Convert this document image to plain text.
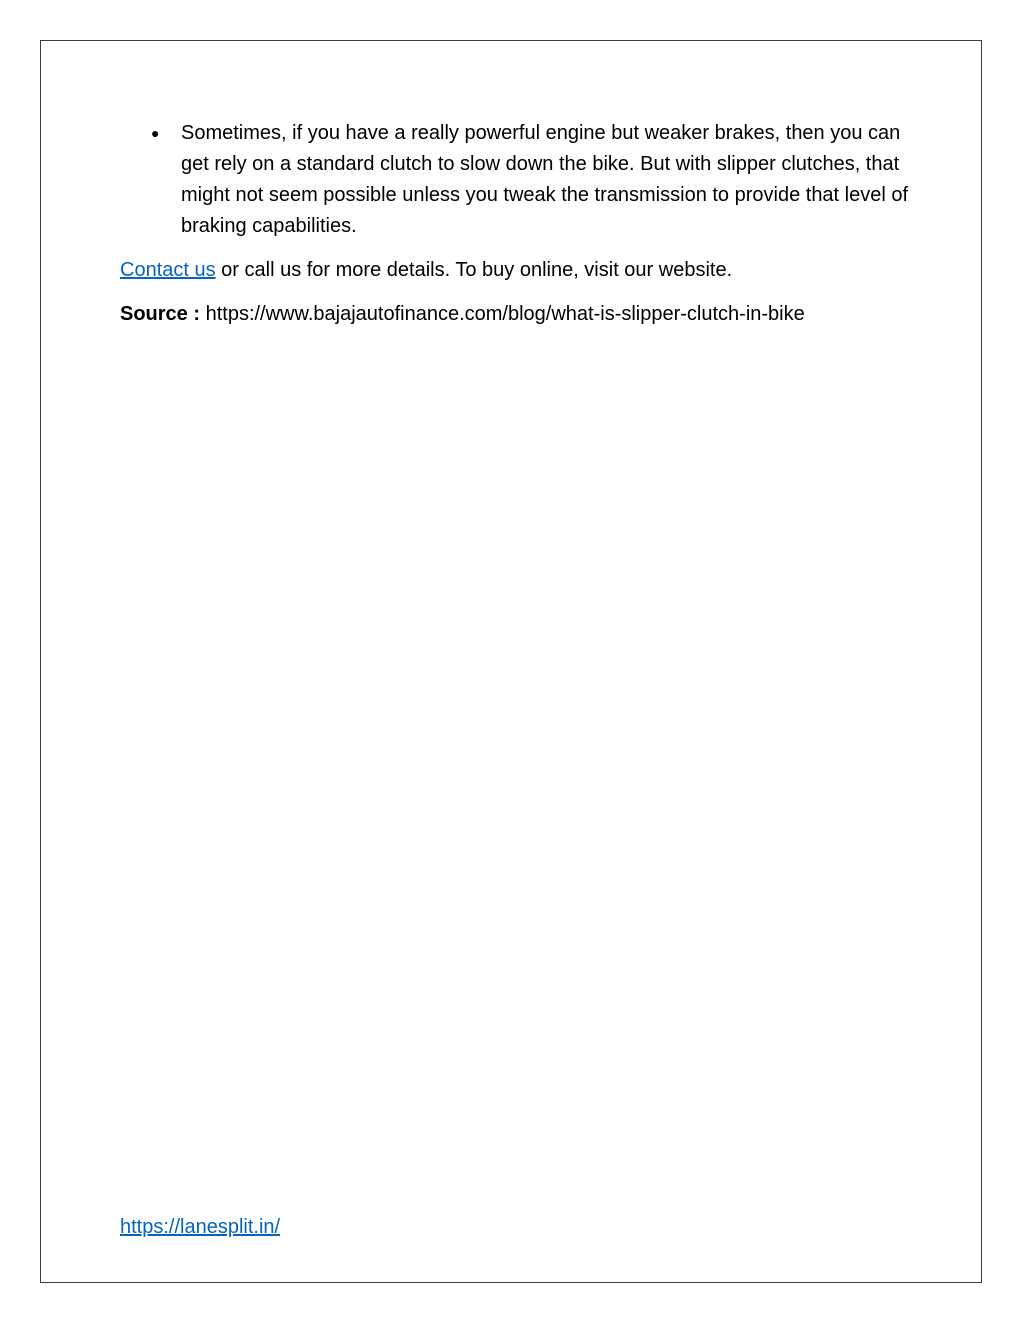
● Sometimes, if you have a really powerful engine but weaker brakes, then you can get rely on a standard clutch to slow down the bike. But with slipper clutches, that might not seem possible unless you tweak the transmission to provide that level of braking capabilities.

Contact us or call us for more details. To buy online, visit our website.

Source : https://www.bajajautofinance.com/blog/what-is-slipper-clutch-in-bike

https://lanesplit.in/
